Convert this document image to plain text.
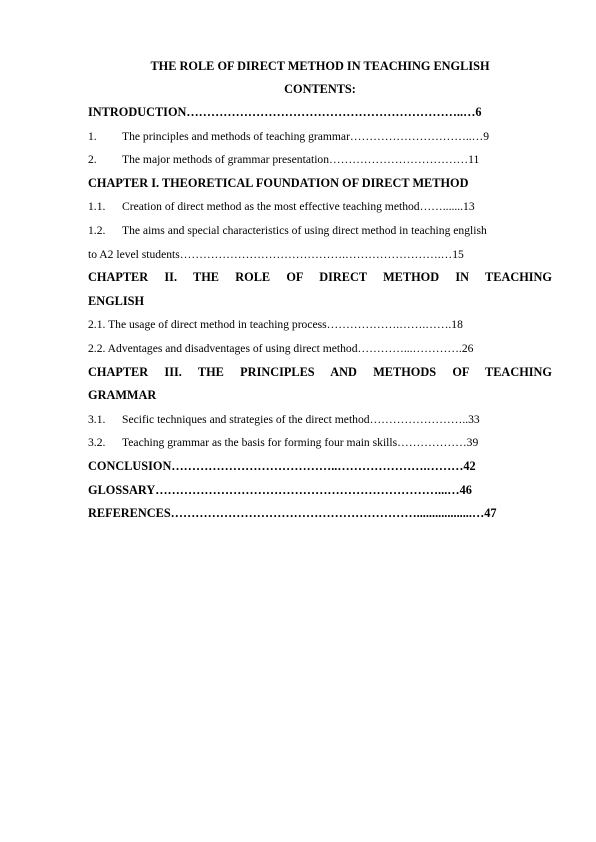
THE ROLE OF DIRECT METHOD IN TEACHING ENGLISH
CONTENTS:
INTRODUCTION…………………………………………………………..…6
1. The principles and methods of teaching grammar…………………………..…9
2. The major methods of grammar presentation………………………………11
CHAPTER I. THEORETICAL FOUNDATION OF DIRECT METHOD
1.1. Creation of direct method as the most effective teaching method…….......13
1.2. The aims and special characteristics of using direct method in teaching english
to A2 level students…………………………………….…………………….…15
CHAPTER II. THE ROLE OF DIRECT METHOD IN TEACHING
ENGLISH
2.1. The usage of direct method in teaching process……………….…….…….18
2.2. Adventages and disadventages of using direct method…………...………….26
CHAPTER III. THE PRINCIPLES AND METHODS OF TEACHING
GRAMMAR
3.1. Secific techniques and strategies of the direct method……………………..33
3.2. Teaching grammar as the basis for forming four main skills………………39
CONCLUSION…………………………………..………………….………42
GLOSSARY……………………………………………………………...…46
REFERENCES……………………………………………………..................…47
